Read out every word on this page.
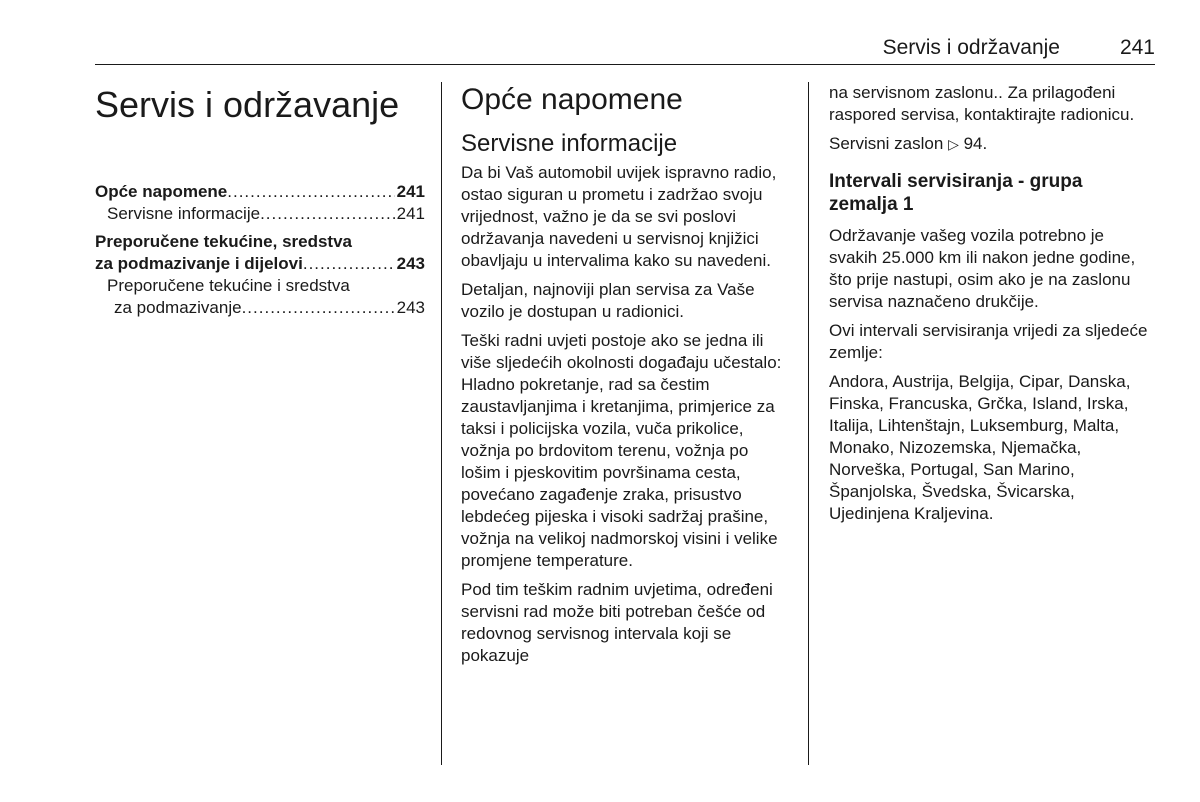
Servis i održavanje	241
Servis i održavanje
Opće napomene .....	241
Servisne informacije .....	241
Preporučene tekućine, sredstva
za podmazivanje i dijelovi .....	243
Preporučene tekućine i sredstva
za podmazivanje .....	243
Opće napomene
Servisne informacije

Da bi Vaš automobil uvijek ispravno radio, ostao siguran u prometu i zadržao svoju vrijednost, važno je da se svi poslovi održavanja navedeni u servisnoj knjižici obavljaju u intervalima kako su navedeni.

Detaljan, najnoviji plan servisa za Vaše vozilo je dostupan u radionici.

Teški radni uvjeti postoje ako se jedna ili više sljedećih okolnosti događaju učestalo: Hladno pokretanje, rad sa čestim zaustavljanjima i kretanjima, primjerice za taksi i policijska vozila, vuča prikolice, vožnja po brdovitom terenu, vožnja po lošim i pjeskovitim površinama cesta, povećano zagađenje zraka, prisustvo lebdećeg pijeska i visoki sadržaj prašine, vožnja na velikoj nadmorskoj visini i velike promjene temperature.

Pod tim teškim radnim uvjetima, određeni servisni rad može biti potreban češće od redovnog servisnog intervala koji se pokazuje

na servisnom zaslonu.. Za prilagođeni raspored servisa, kontaktirajte radionicu.

Servisni zaslon ▷ 94.

Intervali servisiranja - grupa zemalja 1

Održavanje vašeg vozila potrebno je svakih 25.000 km ili nakon jedne godine, što prije nastupi, osim ako je na zaslonu servisa naznačeno drukčije.

Ovi intervali servisiranja vrijedi za sljedeće zemlje:

Andora, Austrija, Belgija, Cipar, Danska, Finska, Francuska, Grčka, Island, Irska, Italija, Lihtenštajn, Luksemburg, Malta, Monako, Nizozemska, Njemačka, Norveška, Portugal, San Marino, Španjolska, Švedska, Švicarska, Ujedinjena Kraljevina.
